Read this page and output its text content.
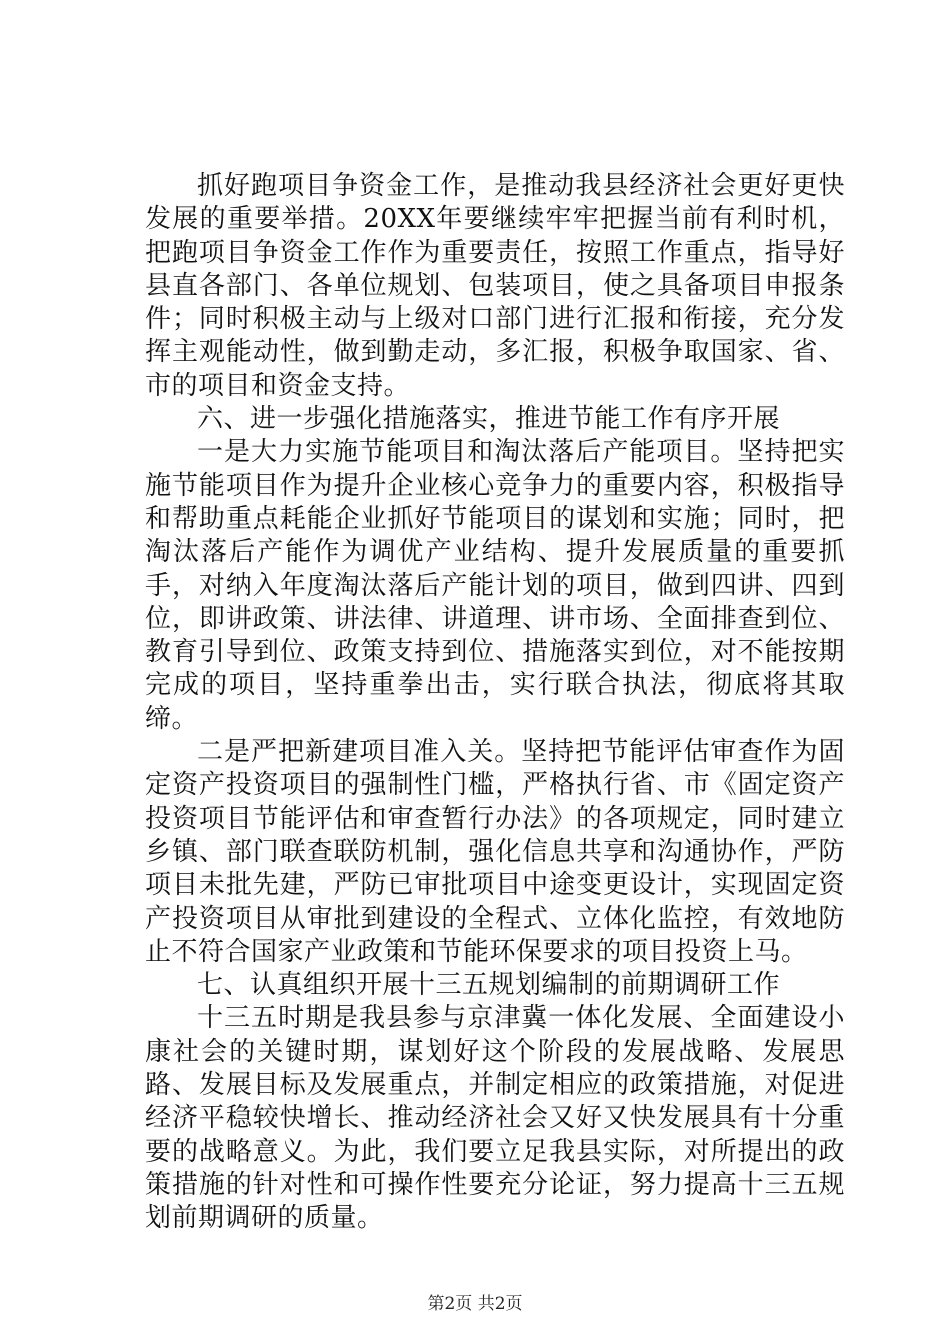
抓好跑项目争资金工作，是推动我县经济社会更好更快发展的重要举措。20XX年要继续牢牢把握当前有利时机，把跑项目争资金工作作为重要责任，按照工作重点，指导好县直各部门、各单位规划、包装项目，使之具备项目申报条件；同时积极主动与上级对口部门进行汇报和衔接，充分发挥主观能动性，做到勤走动，多汇报，积极争取国家、省、市的项目和资金支持。

六、进一步强化措施落实，推进节能工作有序开展

一是大力实施节能项目和淘汰落后产能项目。坚持把实施节能项目作为提升企业核心竞争力的重要内容，积极指导和帮助重点耗能企业抓好节能项目的谋划和实施；同时，把淘汰落后产能作为调优产业结构、提升发展质量的重要抓手，对纳入年度淘汰落后产能计划的项目，做到四讲、四到位，即讲政策、讲法律、讲道理、讲市场、全面排查到位、教育引导到位、政策支持到位、措施落实到位，对不能按期完成的项目，坚持重拳出击，实行联合执法，彻底将其取缔。

二是严把新建项目准入关。坚持把节能评估审查作为固定资产投资项目的强制性门槛，严格执行省、市《固定资产投资项目节能评估和审查暂行办法》的各项规定，同时建立乡镇、部门联查联防机制，强化信息共享和沟通协作，严防项目未批先建，严防已审批项目中途变更设计，实现固定资产投资项目从审批到建设的全程式、立体化监控，有效地防止不符合国家产业政策和节能环保要求的项目投资上马。

七、认真组织开展十三五规划编制的前期调研工作

十三五时期是我县参与京津冀一体化发展、全面建设小康社会的关键时期，谋划好这个阶段的发展战略、发展思路、发展目标及发展重点，并制定相应的政策措施，对促进经济平稳较快增长、推动经济社会又好又快发展具有十分重要的战略意义。为此，我们要立足我县实际，对所提出的政策措施的针对性和可操作性要充分论证，努力提高十三五规划前期调研的质量。

第2页 共2页
